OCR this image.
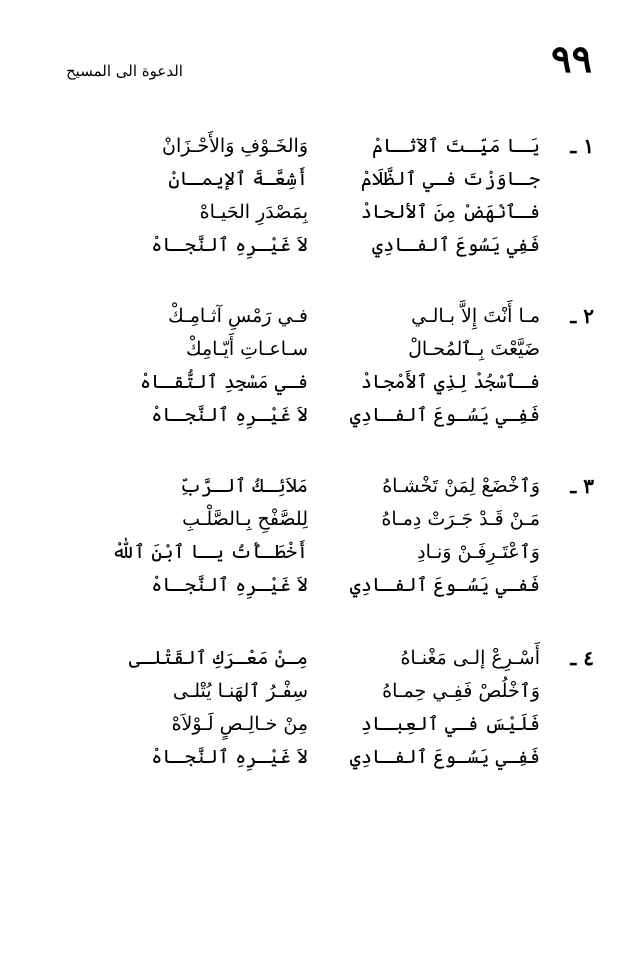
٩٩
الدعوة الى المسيح
١ ـ
يَـا مَيِّـتَ ٱلآثـامْ
وَالخَـوْفِ وَالأَحْـزَانْ
جـاوَزْتَ فـي ٱلظَّلَامْ
أَشِعَّـةَ ٱلإيمـانْ
فـٱنْهَضْ مِنَ ٱلألحادْ
بِمَصْدَرِ الحَيـاهْ
فَفِي يَسُوعَ ٱلفـادِي
لاَ غَيْـرِهِ ٱلنَّجـاهْ
٢ ـ
مـا أَنْتَ إِلاَّ بـالـي
فـي رَمْسِ آثـامِـكْ
ضَيَّعْتَ بِـٱلمُحـالْ
سـاعـاتِ أَيّـامِكْ
فـٱسْجُدْ لِذِي ٱلأَمْجادْ
فـي مَسْجِدِ ٱلتُّقـاهْ
فَفِـي يَسُـوعَ ٱلفـادِي
لاَ غَيْـرِهِ ٱلنَّجـاهْ
٣ ـ
وَٱخْضَعْ لِمَنْ تَخْشـاهُ
مَلاَئِـكُ ٱلـرَّبِّ
مَـنْ قَـدْ جَـرَتْ دِمـاهُ
لِلصَّفْحِ بِـالصَّلْـبِ
وَٱعْتَـرِفَـنْ وَنـادِ
أَخْطَـأْتُ يـا ٱبْنَ ٱللّٰهْ
فَفـي يَسُـوعَ ٱلفـادِي
لاَ غَيْـرِهِ ٱلنَّجـاهْ
٤ ـ
أَسْـرِعْ إلـى مَغْنـاهُ
مِـنْ مَعْـرَكِ ٱلقَتْلـى
وَٱخْلُصْ فَفِـي حِمـاهُ
سِفْـرُ ٱلهَنـا يُتْلـى
فَلَيْسَ فـي ٱلعِبـادِ
مِنْ خـالِـصٍ لَـوْلاَهْ
فَفِـي يَسُـوعَ ٱلفـادِي
لاَ غَيْـرِهِ ٱلنَّجـاهْ
